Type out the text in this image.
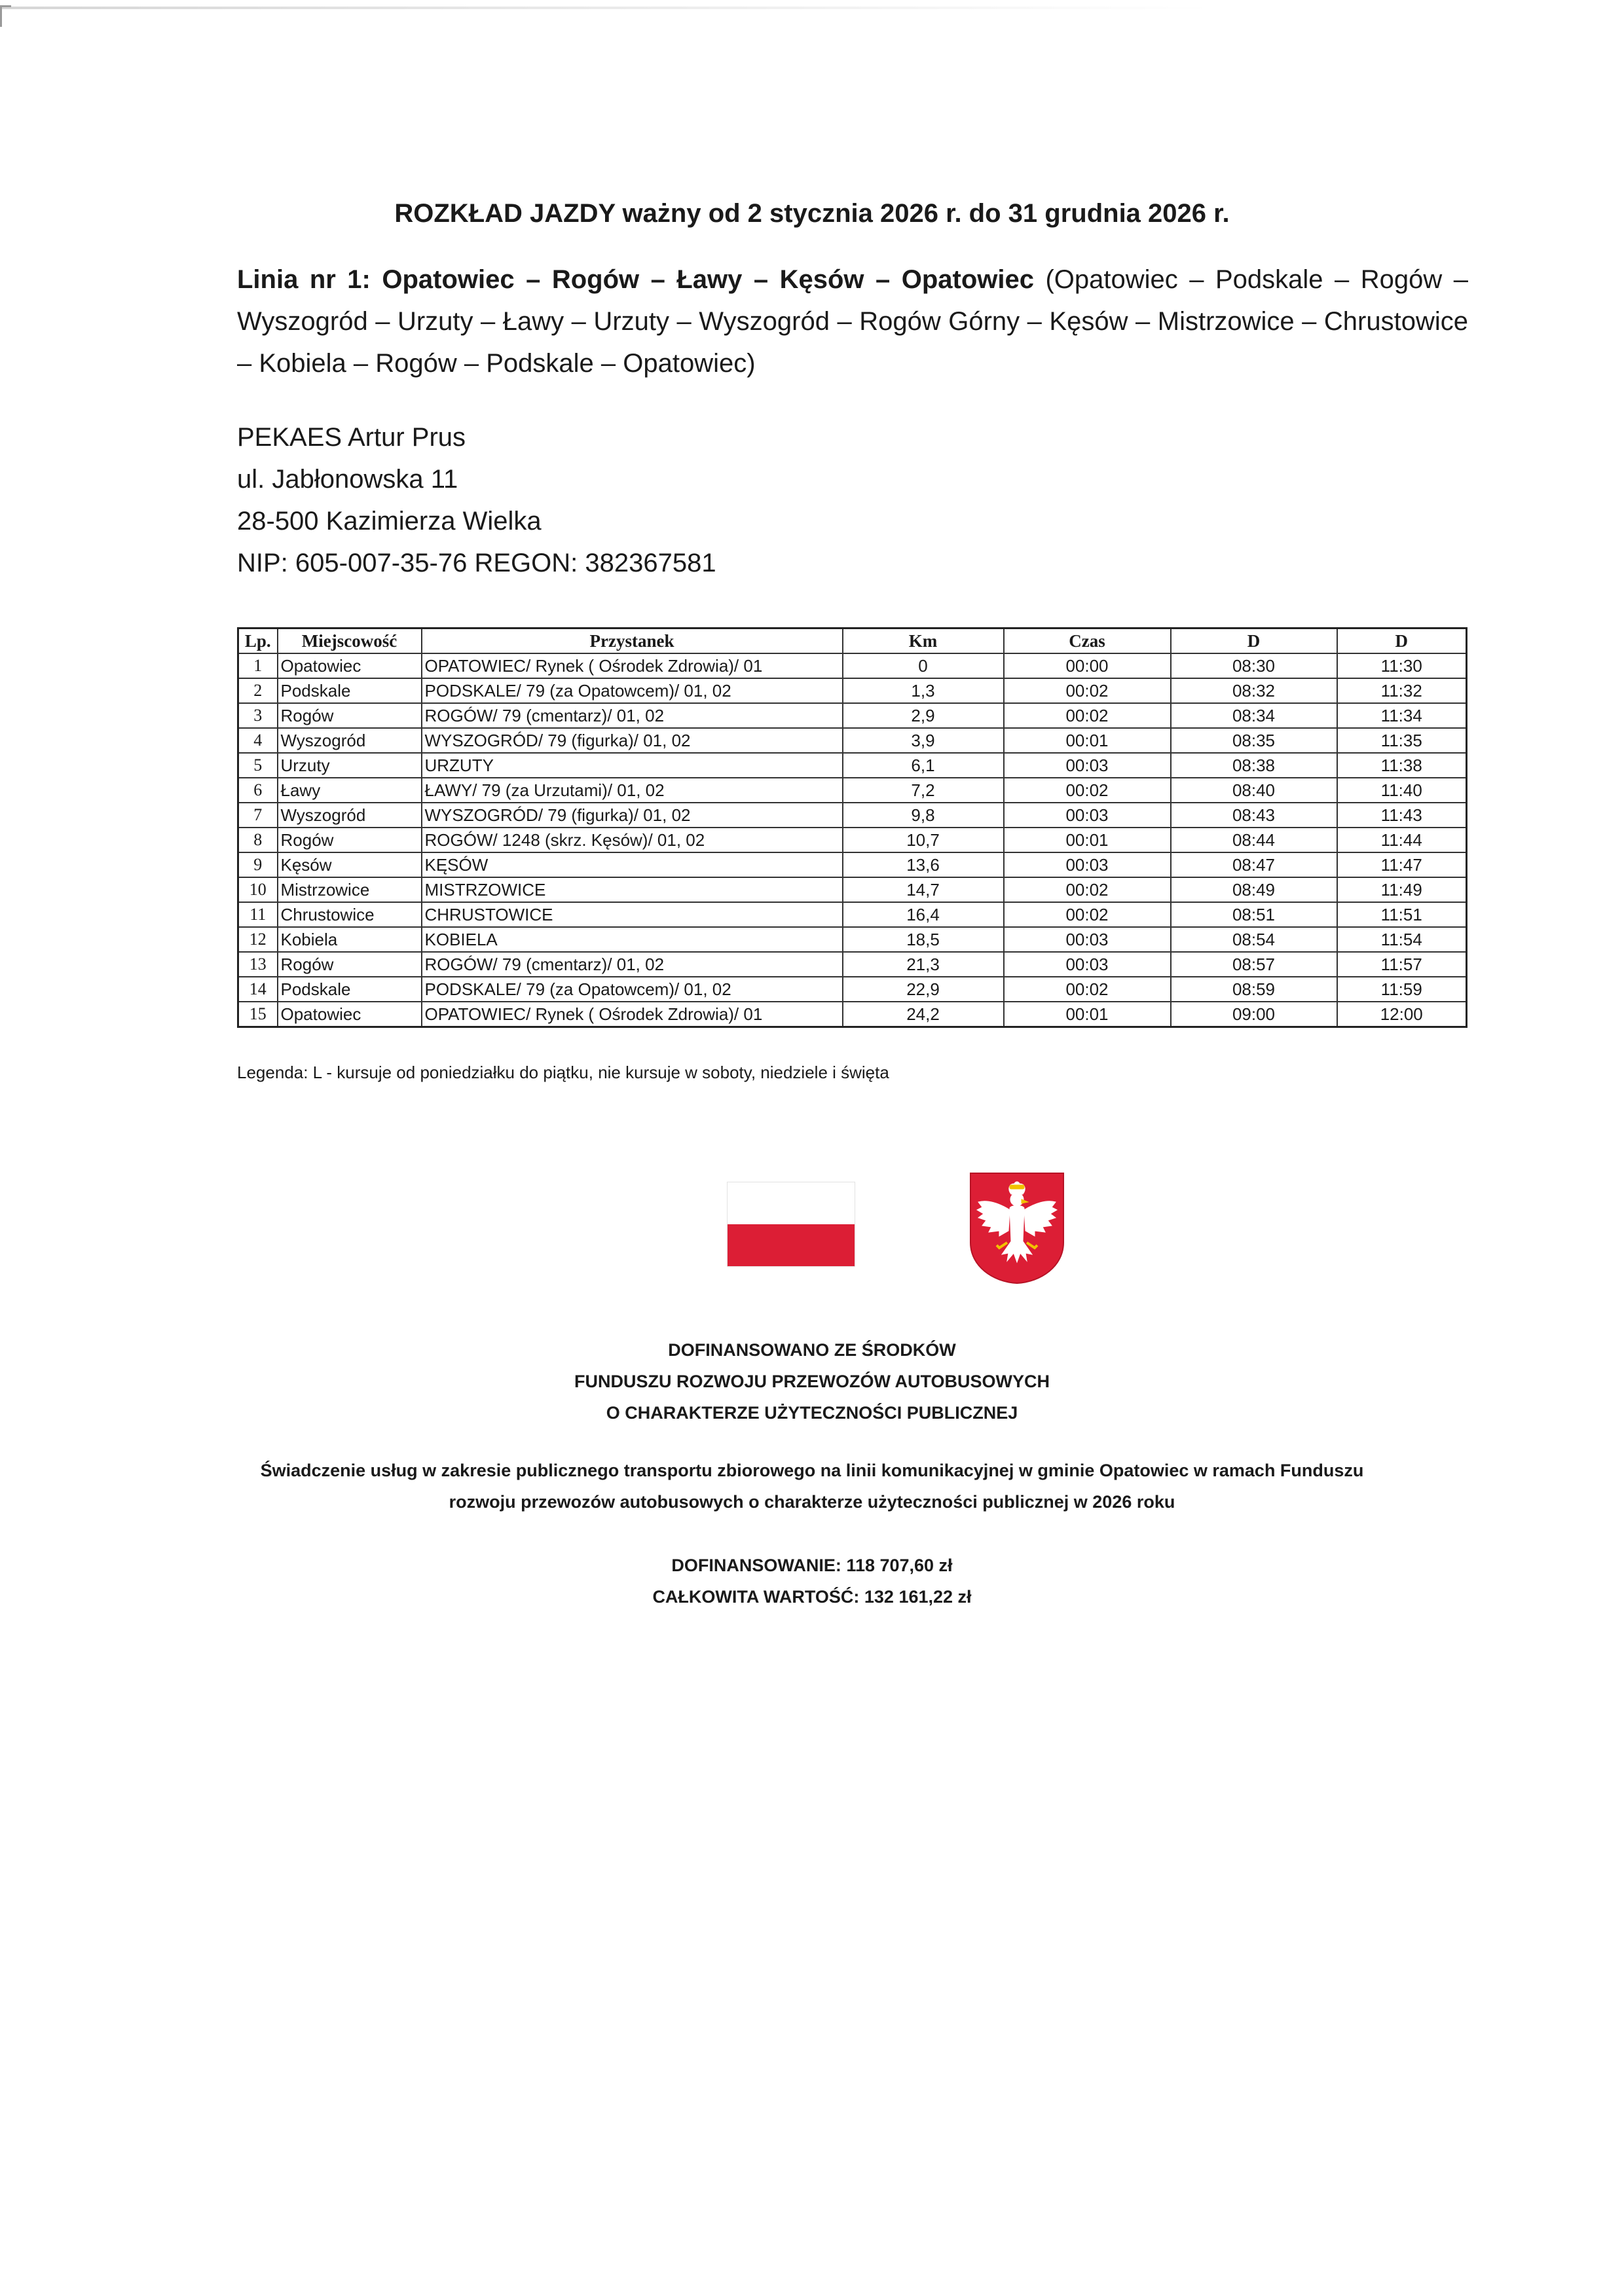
ROZKŁAD JAZDY ważny od 2 stycznia 2026 r. do 31 grudnia 2026 r.
Linia nr 1: Opatowiec – Rogów – Ławy – Kęsów – Opatowiec (Opatowiec – Podskale – Rogów – Wyszogród – Urzuty – Ławy – Urzuty – Wyszogród – Rogów Górny – Kęsów – Mistrzowice – Chrustowice – Kobiela – Rogów – Podskale – Opatowiec)
PEKAES Artur Prus
ul. Jabłonowska 11
28-500 Kazimierza Wielka
NIP: 605-007-35-76 REGON: 382367581
Lp.	Miejscowość	Przystanek	Km	Czas	D	D
1	Opatowiec	OPATOWIEC/ Rynek ( Ośrodek Zdrowia)/ 01	0	00:00	08:30	11:30
2	Podskale	PODSKALE/ 79 (za Opatowcem)/ 01, 02	1,3	00:02	08:32	11:32
3	Rogów	ROGÓW/ 79 (cmentarz)/ 01, 02	2,9	00:02	08:34	11:34
4	Wyszogród	WYSZOGRÓD/ 79 (figurka)/ 01, 02	3,9	00:01	08:35	11:35
5	Urzuty	URZUTY	6,1	00:03	08:38	11:38
6	Ławy	ŁAWY/ 79 (za Urzutami)/ 01, 02	7,2	00:02	08:40	11:40
7	Wyszogród	WYSZOGRÓD/ 79 (figurka)/ 01, 02	9,8	00:03	08:43	11:43
8	Rogów	ROGÓW/ 1248 (skrz. Kęsów)/ 01, 02	10,7	00:01	08:44	11:44
9	Kęsów	KĘSÓW	13,6	00:03	08:47	11:47
10	Mistrzowice	MISTRZOWICE	14,7	00:02	08:49	11:49
11	Chrustowice	CHRUSTOWICE	16,4	00:02	08:51	11:51
12	Kobiela	KOBIELA	18,5	00:03	08:54	11:54
13	Rogów	ROGÓW/ 79 (cmentarz)/ 01, 02	21,3	00:03	08:57	11:57
14	Podskale	PODSKALE/ 79 (za Opatowcem)/ 01, 02	22,9	00:02	08:59	11:59
15	Opatowiec	OPATOWIEC/ Rynek ( Ośrodek Zdrowia)/ 01	24,2	00:01	09:00	12:00
Legenda: L - kursuje od poniedziałku do piątku, nie kursuje w soboty, niedziele i święta
DOFINANSOWANO ZE ŚRODKÓW
FUNDUSZU ROZWOJU PRZEWOZÓW AUTOBUSOWYCH
O CHARAKTERZE UŻYTECZNOŚCI PUBLICZNEJ
Świadczenie usług w zakresie publicznego transportu zbiorowego na linii komunikacyjnej w gminie Opatowiec w ramach Funduszu
rozwoju przewozów autobusowych o charakterze użyteczności publicznej w 2026 roku
DOFINANSOWANIE: 118 707,60 zł
CAŁKOWITA WARTOŚĆ: 132 161,22 zł
